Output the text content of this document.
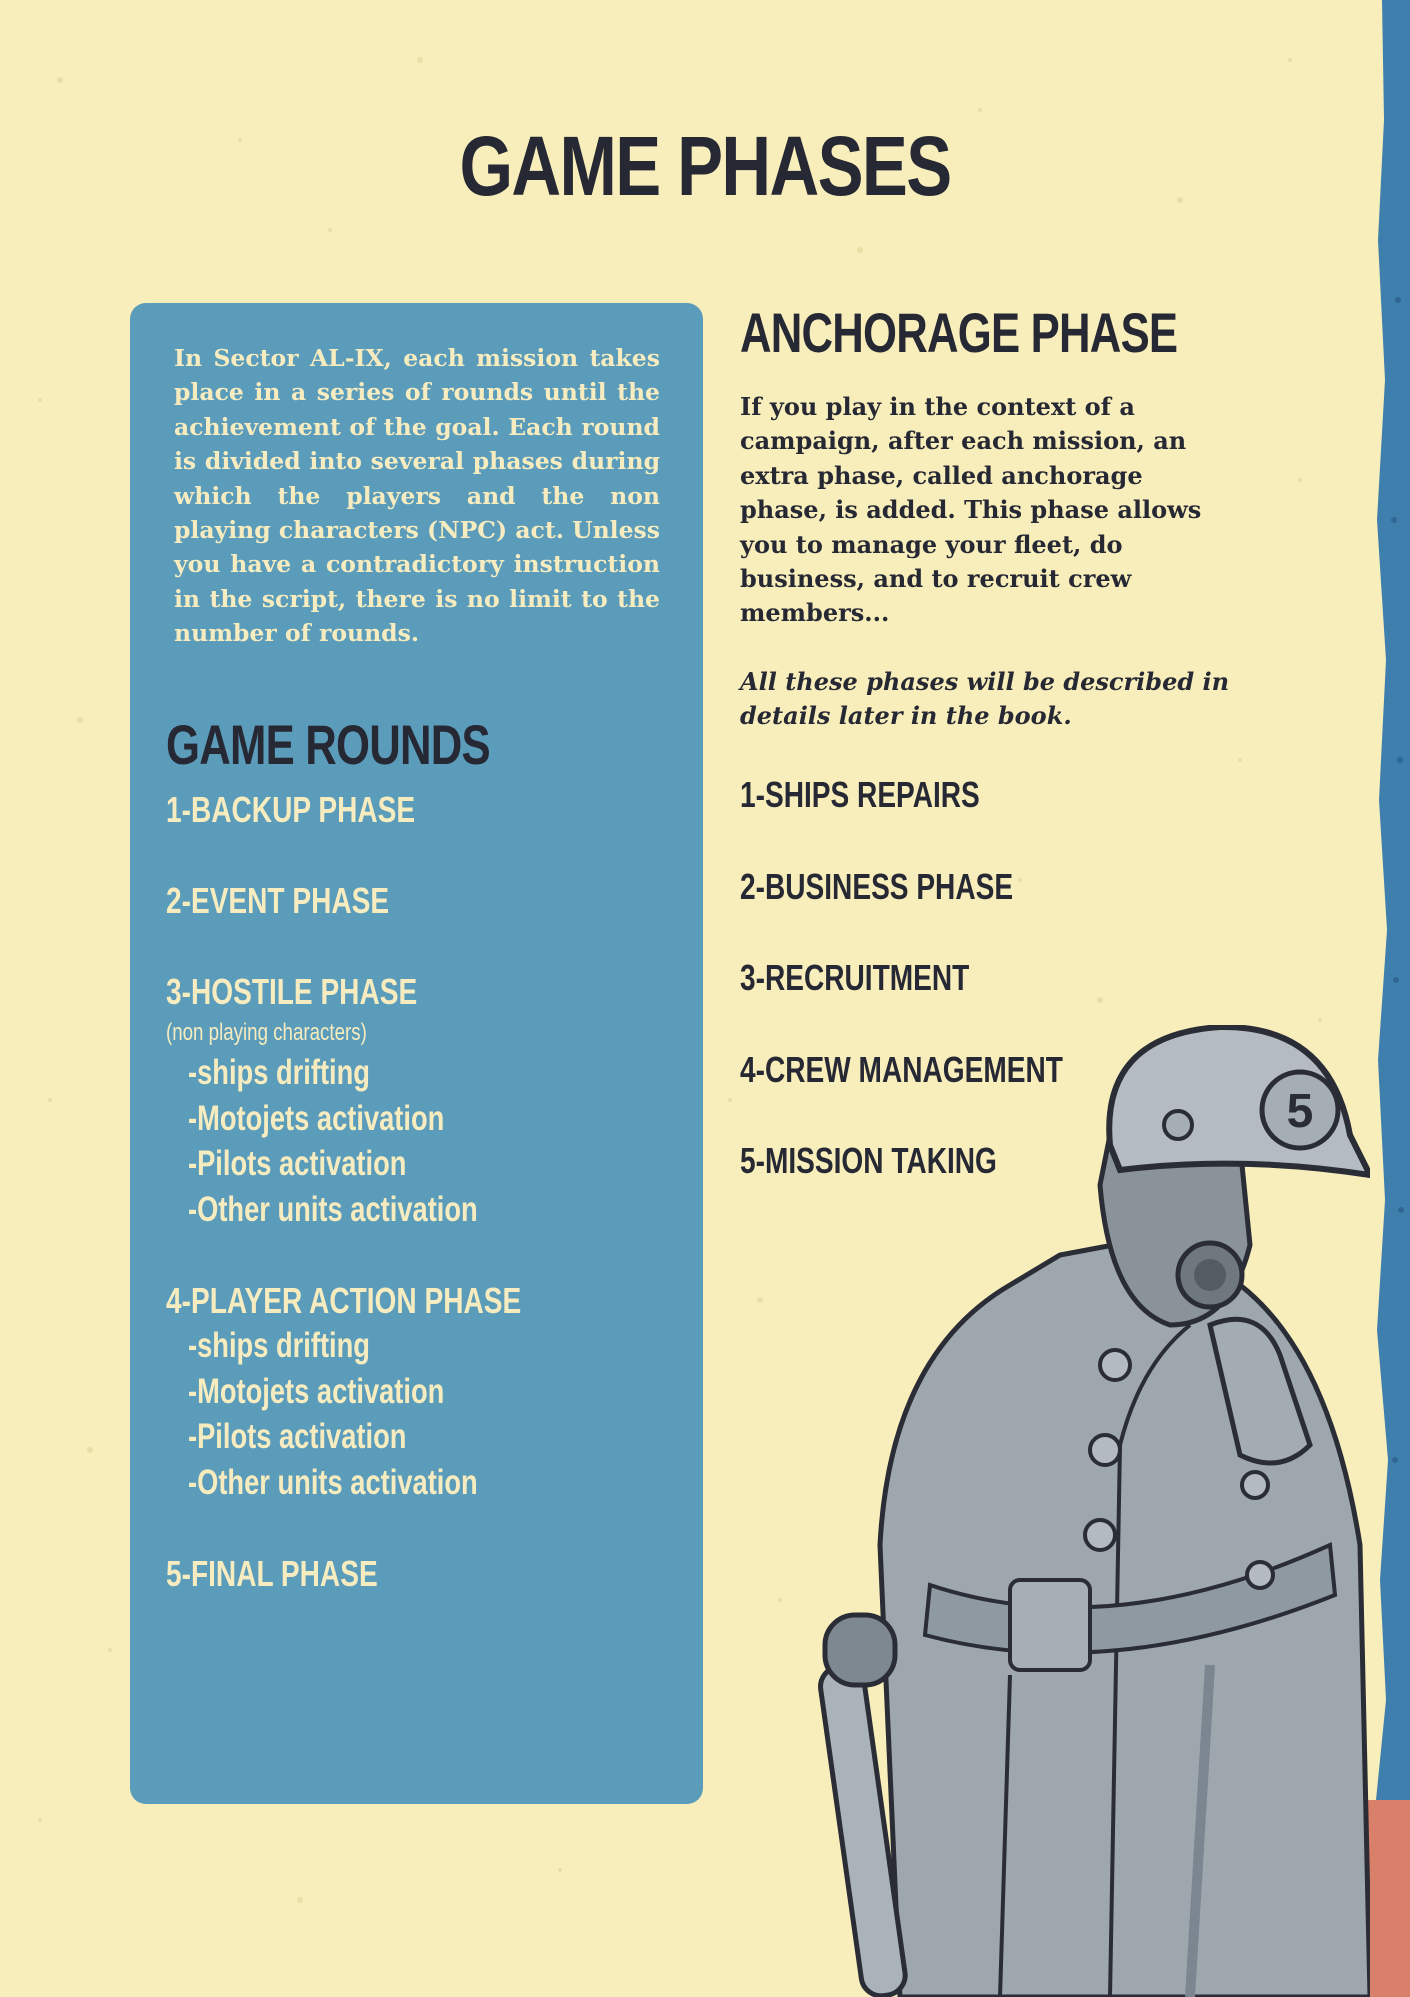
GAME PHASES

In Sector AL-IX, each mission takes place in a series of rounds until the achievement of the goal. Each round is divided into several phases during which the players and the non playing characters (NPC) act. Unless you have a contradictory instruction in the script, there is no limit to the number of rounds.

GAME ROUNDS
1-BACKUP PHASE
2-EVENT PHASE
3-HOSTILE PHASE
(non playing characters)
-ships drifting
-Motojets activation
-Pilots activation
-Other units activation
4-PLAYER ACTION PHASE
-ships drifting
-Motojets activation
-Pilots activation
-Other units activation
5-FINAL PHASE
ANCHORAGE PHASE

If you play in the context of a campaign, after each mission, an extra phase, called anchorage phase, is added. This phase allows you to manage your fleet, do business, and to recruit crew members...

All these phases will be described in details later in the book.

1-SHIPS REPAIRS
2-BUSINESS PHASE
3-RECRUITMENT
4-CREW MANAGEMENT
5-MISSION TAKING
5
